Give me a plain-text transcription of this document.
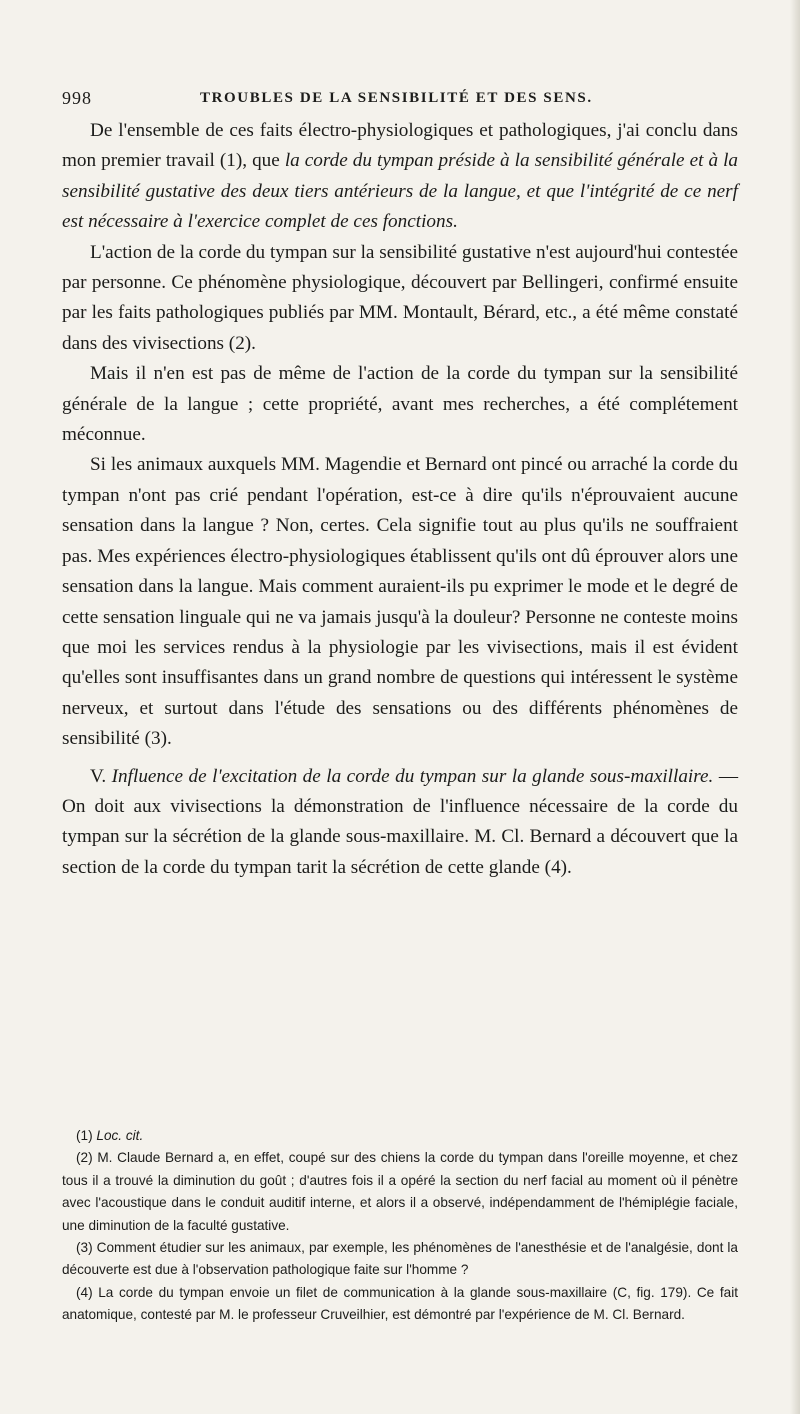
998	TROUBLES DE LA SENSIBILITÉ ET DES SENS.

De l'ensemble de ces faits électro-physiologiques et pathologiques, j'ai conclu dans mon premier travail (1), que la corde du tympan préside à la sensibilité générale et à la sensibilité gustative des deux tiers antérieurs de la langue, et que l'intégrité de ce nerf est nécessaire à l'exercice complet de ces fonctions.

L'action de la corde du tympan sur la sensibilité gustative n'est aujourd'hui contestée par personne. Ce phénomène physiologique, découvert par Bellingeri, confirmé ensuite par les faits pathologiques publiés par MM. Montault, Bérard, etc., a été même constaté dans des vivisections (2).

Mais il n'en est pas de même de l'action de la corde du tympan sur la sensibilité générale de la langue ; cette propriété, avant mes recherches, a été complétement méconnue.

Si les animaux auxquels MM. Magendie et Bernard ont pincé ou arraché la corde du tympan n'ont pas crié pendant l'opération, est-ce à dire qu'ils n'éprouvaient aucune sensation dans la langue ? Non, certes. Cela signifie tout au plus qu'ils ne souffraient pas. Mes expériences électro-physiologiques établissent qu'ils ont dû éprouver alors une sensation dans la langue. Mais comment auraient-ils pu exprimer le mode et le degré de cette sensation linguale qui ne va jamais jusqu'à la douleur? Personne ne conteste moins que moi les services rendus à la physiologie par les vivisections, mais il est évident qu'elles sont insuffisantes dans un grand nombre de questions qui intéressent le système nerveux, et surtout dans l'étude des sensations ou des différents phénomènes de sensibilité (3).

V. Influence de l'excitation de la corde du tympan sur la glande sous-maxillaire. — On doit aux vivisections la démonstration de l'influence nécessaire de la corde du tympan sur la sécrétion de la glande sous-maxillaire. M. Cl. Bernard a découvert que la section de la corde du tympan tarit la sécrétion de cette glande (4).

(1) Loc. cit.

(2) M. Claude Bernard a, en effet, coupé sur des chiens la corde du tympan dans l'oreille moyenne, et chez tous il a trouvé la diminution du goût ; d'autres fois il a opéré la section du nerf facial au moment où il pénètre avec l'acoustique dans le conduit auditif interne, et alors il a observé, indépendamment de l'hémiplégie faciale, une diminution de la faculté gustative.

(3) Comment étudier sur les animaux, par exemple, les phénomènes de l'anesthésie et de l'analgésie, dont la découverte est due à l'observation pathologique faite sur l'homme ?

(4) La corde du tympan envoie un filet de communication à la glande sous-maxillaire (C, fig. 179). Ce fait anatomique, contesté par M. le professeur Cruveilhier, est démontré par l'expérience de M. Cl. Bernard.
